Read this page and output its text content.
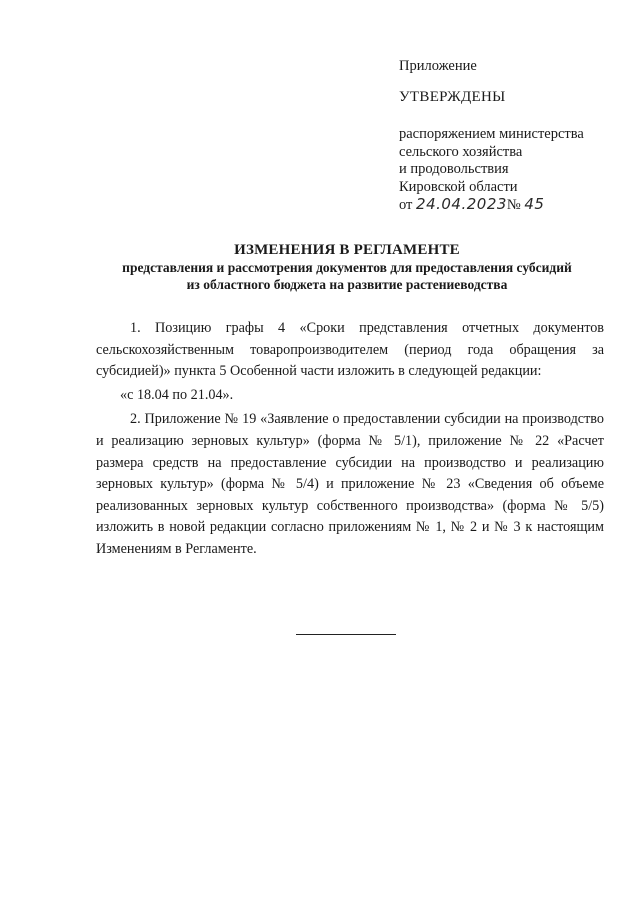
Приложение
УТВЕРЖДЕНЫ
распоряжением министерства
сельского хозяйства
и продовольствия
Кировской области
от 24.04.2023№ 45
ИЗМЕНЕНИЯ В РЕГЛАМЕНТЕ
представления и рассмотрения документов для предоставления субсидий
из областного бюджета на развитие растениеводства

1. Позицию графы 4 «Сроки представления отчетных документов сельскохозяйственным товаропроизводителем (период года обращения за субсидией)» пункта 5 Особенной части изложить в следующей редакции:
«с 18.04 по 21.04».

2. Приложение № 19 «Заявление о предоставлении субсидии на производство и реализацию зерновых культур» (форма № 5/1), приложение № 22 «Расчет размера средств на предоставление субсидии на производство и реализацию зерновых культур» (форма № 5/4) и приложение № 23 «Сведения об объеме реализованных зерновых культур собственного производства» (форма № 5/5) изложить в новой редакции согласно приложениям № 1, № 2 и № 3 к настоящим Изменениям в Регламенте.
